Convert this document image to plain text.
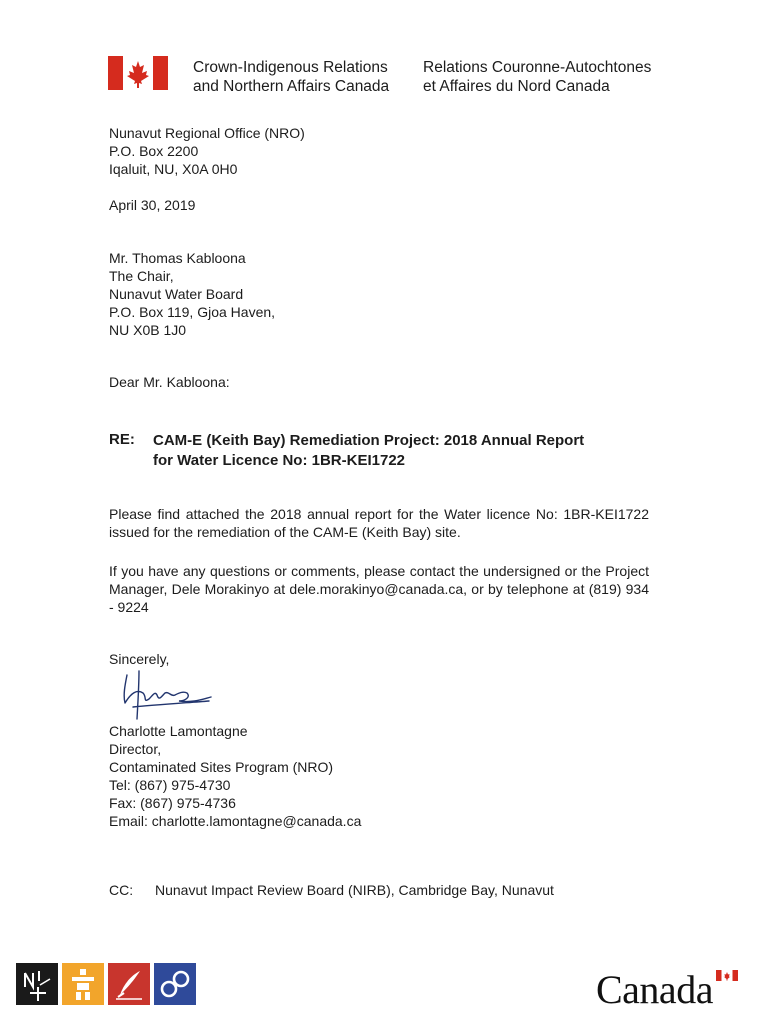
Crown-Indigenous Relations
and Northern Affairs Canada
Relations Couronne-Autochtones
et Affaires du Nord Canada
Nunavut Regional Office (NRO)
P.O. Box 2200
Iqaluit, NU, X0A 0H0
April 30, 2019
Mr. Thomas Kabloona
The Chair,
Nunavut Water Board
P.O. Box 119, Gjoa Haven,
NU X0B 1J0
Dear Mr. Kabloona:
RE: CAM-E (Keith Bay) Remediation Project: 2018 Annual Report
for Water Licence No: 1BR-KEI1722
Please find attached the 2018 annual report for the Water licence No: 1BR-KEI1722 issued for the remediation of the CAM-E (Keith Bay) site.
If you have any questions or comments, please contact the undersigned or the Project Manager, Dele Morakinyo at dele.morakinyo@canada.ca, or by telephone at (819) 934 - 9224
Sincerely,
Charlotte Lamontagne
Director,
Contaminated Sites Program (NRO)
Tel: (867) 975-4730
Fax: (867) 975-4736
Email: charlotte.lamontagne@canada.ca
CC: Nunavut Impact Review Board (NIRB), Cambridge Bay, Nunavut
Canada
